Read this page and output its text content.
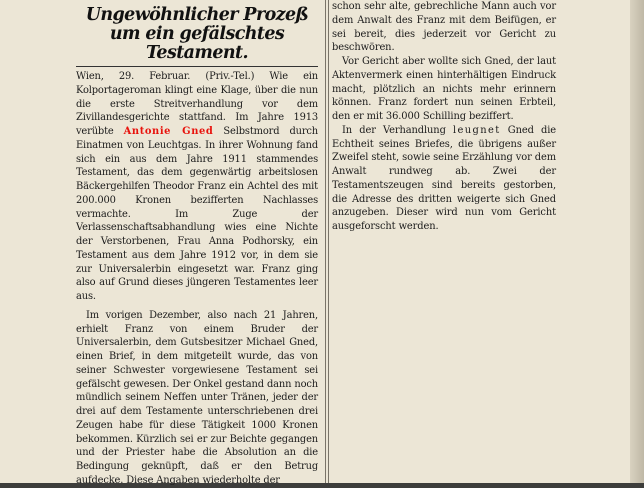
Ungewöhnlicher Prozeß um ein gefälschtes Testament.

Wien, 29. Februar. (Priv.-Tel.) Wie ein Kolportageroman klingt eine Klage, über die nun die erste Streitverhandlung vor dem Zivillandesgerichte stattfand. Im Jahre 1913 verübte Antonie Gned Selbstmord durch Einatmen von Leuchtgas. In ihrer Wohnung fand sich ein aus dem Jahre 1911 stammendes Testament, das dem gegenwärtig arbeitslosen Bäckergehilfen Theodor Franz ein Achtel des mit 200.000 Kronen bezifferten Nachlasses vermachte. Im Zuge der Verlassenschaftsabhandlung wies eine Nichte der Verstorbenen, Frau Anna Podhorsky, ein Testament aus dem Jahre 1912 vor, in dem sie zur Universalerbin eingesetzt war. Franz ging also auf Grund dieses jüngeren Testamentes leer aus.

Im vorigen Dezember, also nach 21 Jahren, erhielt Franz von einem Bruder der Universalerbin, dem Gutsbesitzer Michael Gned, einen Brief, in dem mitgeteilt wurde, das von seiner Schwester vorgewiesene Testament sei gefälscht gewesen. Der Onkel gestand dann noch mündlich seinem Neffen unter Tränen, jeder der drei auf dem Testamente unterschriebenen drei Zeugen habe für diese Tätigkeit 1000 Kronen bekommen. Kürzlich sei er zur Beichte gegangen und der Priester habe die Absolution an die Bedingung geknüpft, daß er den Betrug aufdecke. Diese Angaben wiederholte der

schon sehr alte, gebrechliche Mann auch vor dem Anwalt des Franz mit dem Beifügen, er sei bereit, dies jederzeit vor Gericht zu beschwören.

Vor Gericht aber wollte sich Gned, der laut Aktenvermerk einen hinterhältigen Eindruck macht, plötzlich an nichts mehr erinnern können. Franz fordert nun seinen Erbteil, den er mit 36.000 Schilling beziffert.

In der Verhandlung leugnet Gned die Echtheit seines Briefes, die übrigens außer Zweifel steht, sowie seine Erzählung vor dem Anwalt rundweg ab. Zwei der Testamentszeugen sind bereits gestorben, die Adresse des dritten weigerte sich Gned anzugeben. Dieser wird nun vom Gericht ausgeforscht werden.
